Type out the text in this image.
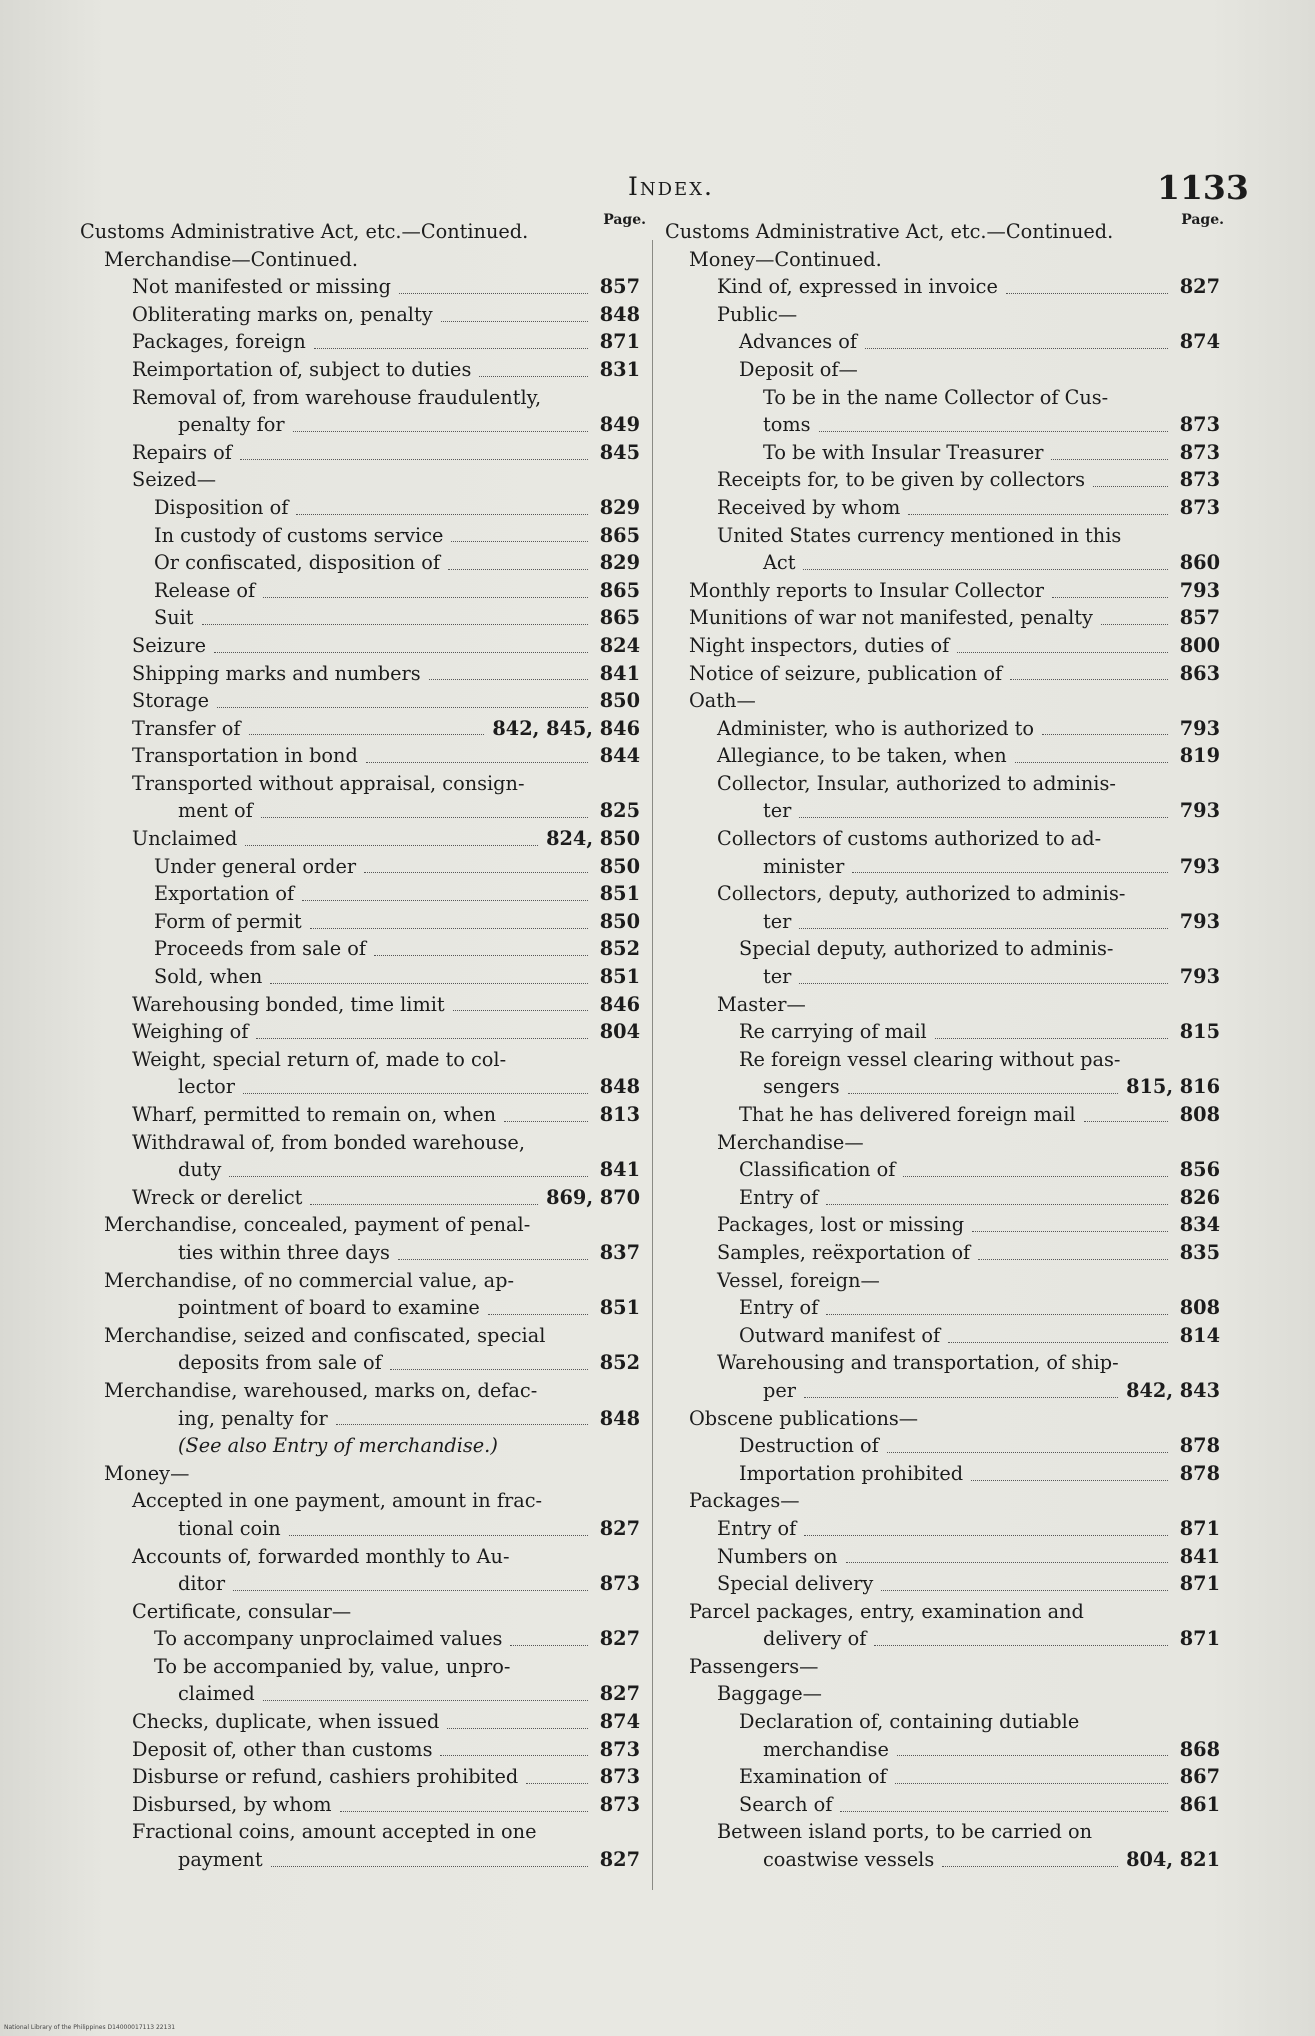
Index.	1133
Page.
Customs Administrative Act, etc.—Continued.
Merchandise—Continued.
Not manifested or missing	857
Obliterating marks on, penalty	848
Packages, foreign	871
Reimportation of, subject to duties	831
Removal of, from warehouse fraudulently,
penalty for	849
Repairs of	845
Seized—
Disposition of	829
In custody of customs service	865
Or confiscated, disposition of	829
Release of	865
Suit	865
Seizure	824
Shipping marks and numbers	841
Storage	850
Transfer of	842, 845, 846
Transportation in bond	844
Transported without appraisal, consign-
ment of	825
Unclaimed	824, 850
Under general order	850
Exportation of	851
Form of permit	850
Proceeds from sale of	852
Sold, when	851
Warehousing bonded, time limit	846
Weighing of	804
Weight, special return of, made to col-
lector	848
Wharf, permitted to remain on, when	813
Withdrawal of, from bonded warehouse,
duty	841
Wreck or derelict	869, 870
Merchandise, concealed, payment of penal-
ties within three days	837
Merchandise, of no commercial value, ap-
pointment of board to examine	851
Merchandise, seized and confiscated, special
deposits from sale of	852
Merchandise, warehoused, marks on, defac-
ing, penalty for	848
(See also Entry of merchandise.)
Money—
Accepted in one payment, amount in frac-
tional coin	827
Accounts of, forwarded monthly to Au-
ditor	873
Certificate, consular—
To accompany unproclaimed values	827
To be accompanied by, value, unpro-
claimed	827
Checks, duplicate, when issued	874
Deposit of, other than customs	873
Disburse or refund, cashiers prohibited	873
Disbursed, by whom	873
Fractional coins, amount accepted in one
payment	827
Page.
Customs Administrative Act, etc.—Continued.
Money—Continued.
Kind of, expressed in invoice	827
Public—
Advances of	874
Deposit of—
To be in the name Collector of Cus-
toms	873
To be with Insular Treasurer	873
Receipts for, to be given by collectors	873
Received by whom	873
United States currency mentioned in this
Act	860
Monthly reports to Insular Collector	793
Munitions of war not manifested, penalty	857
Night inspectors, duties of	800
Notice of seizure, publication of	863
Oath—
Administer, who is authorized to	793
Allegiance, to be taken, when	819
Collector, Insular, authorized to adminis-
ter	793
Collectors of customs authorized to ad-
minister	793
Collectors, deputy, authorized to adminis-
ter	793
Special deputy, authorized to adminis-
ter	793
Master—
Re carrying of mail	815
Re foreign vessel clearing without pas-
sengers	815, 816
That he has delivered foreign mail	808
Merchandise—
Classification of	856
Entry of	826
Packages, lost or missing	834
Samples, reëxportation of	835
Vessel, foreign—
Entry of	808
Outward manifest of	814
Warehousing and transportation, of ship-
per	842, 843
Obscene publications—
Destruction of	878
Importation prohibited	878
Packages—
Entry of	871
Numbers on	841
Special delivery	871
Parcel packages, entry, examination and
delivery of	871
Passengers—
Baggage—
Declaration of, containing dutiable
merchandise	868
Examination of	867
Search of	861
Between island ports, to be carried on
coastwise vessels	804, 821
National Library of the Philippines D14000017113 22131
